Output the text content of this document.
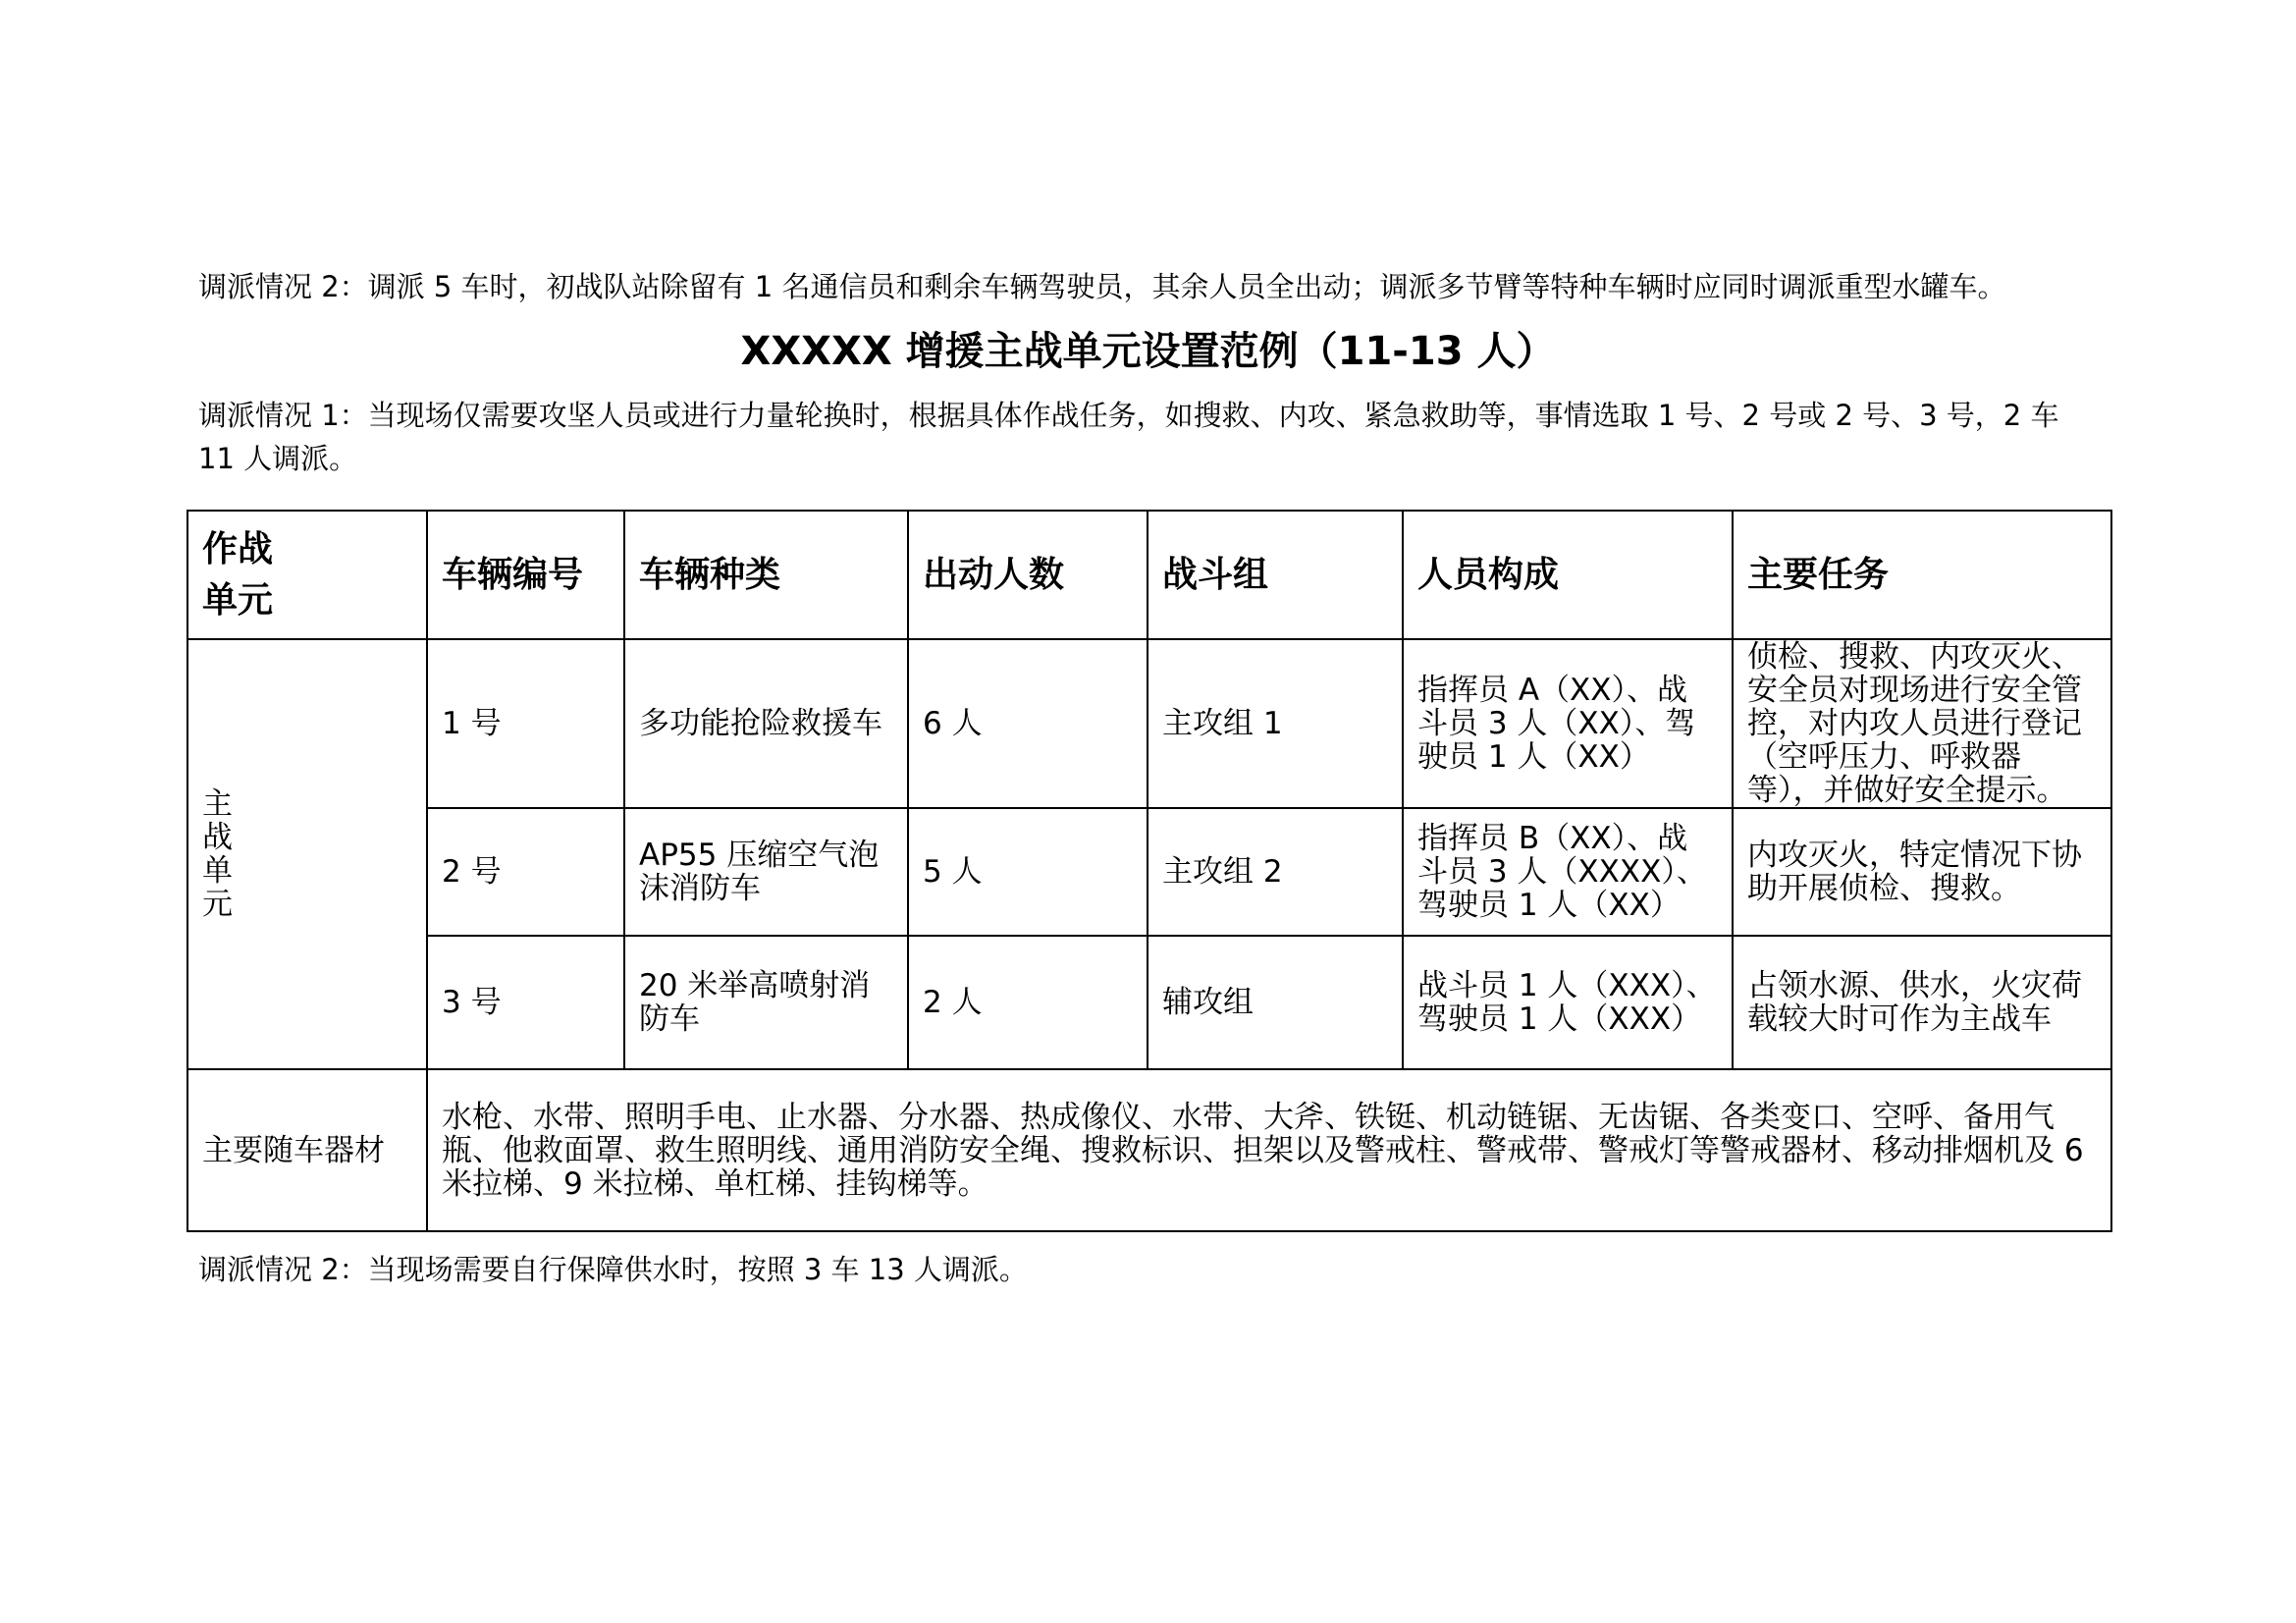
调派情况 2：调派 5 车时，初战队站除留有 1 名通信员和剩余车辆驾驶员，其余人员全出动；调派多节臂等特种车辆时应同时调派重型水罐车。

XXXXX 增援主战单元设置范例（11-13 人）

调派情况 1：当现场仅需要攻坚人员或进行力量轮换时，根据具体作战任务，如搜救、内攻、紧急救助等，事情选取 1 号、2 号或 2 号、3 号，2 车 11 人调派。

作战
单元	车辆编号	车辆种类	出动人数	战斗组	人员构成	主要任务
主
战
单
元	1 号	多功能抢险救援车	6 人	主攻组 1	指挥员 A（XX）、战斗员 3 人（XX）、驾驶员 1 人（XX）	侦检、搜救、内攻灭火、安全员对现场进行安全管控，对内攻人员进行登记（空呼压力、呼救器等），并做好安全提示。
	2 号	AP55 压缩空气泡沫消防车	5 人	主攻组 2	指挥员 B（XX）、战斗员 3 人（XXXX）、驾驶员 1 人（XX）	内攻灭火，特定情况下协助开展侦检、搜救。
	3 号	20 米举高喷射消防车	2 人	辅攻组	战斗员 1 人（XXX）、驾驶员 1 人（XXX）	占领水源、供水，火灾荷载较大时可作为主战车
主要随车器材	水枪、水带、照明手电、止水器、分水器、热成像仪、水带、大斧、铁铤、机动链锯、无齿锯、各类变口、空呼、备用气瓶、他救面罩、救生照明线、通用消防安全绳、搜救标识、担架以及警戒柱、警戒带、警戒灯等警戒器材、移动排烟机及 6 米拉梯、9 米拉梯、单杠梯、挂钩梯等。					

调派情况 2：当现场需要自行保障供水时，按照 3 车 13 人调派。
